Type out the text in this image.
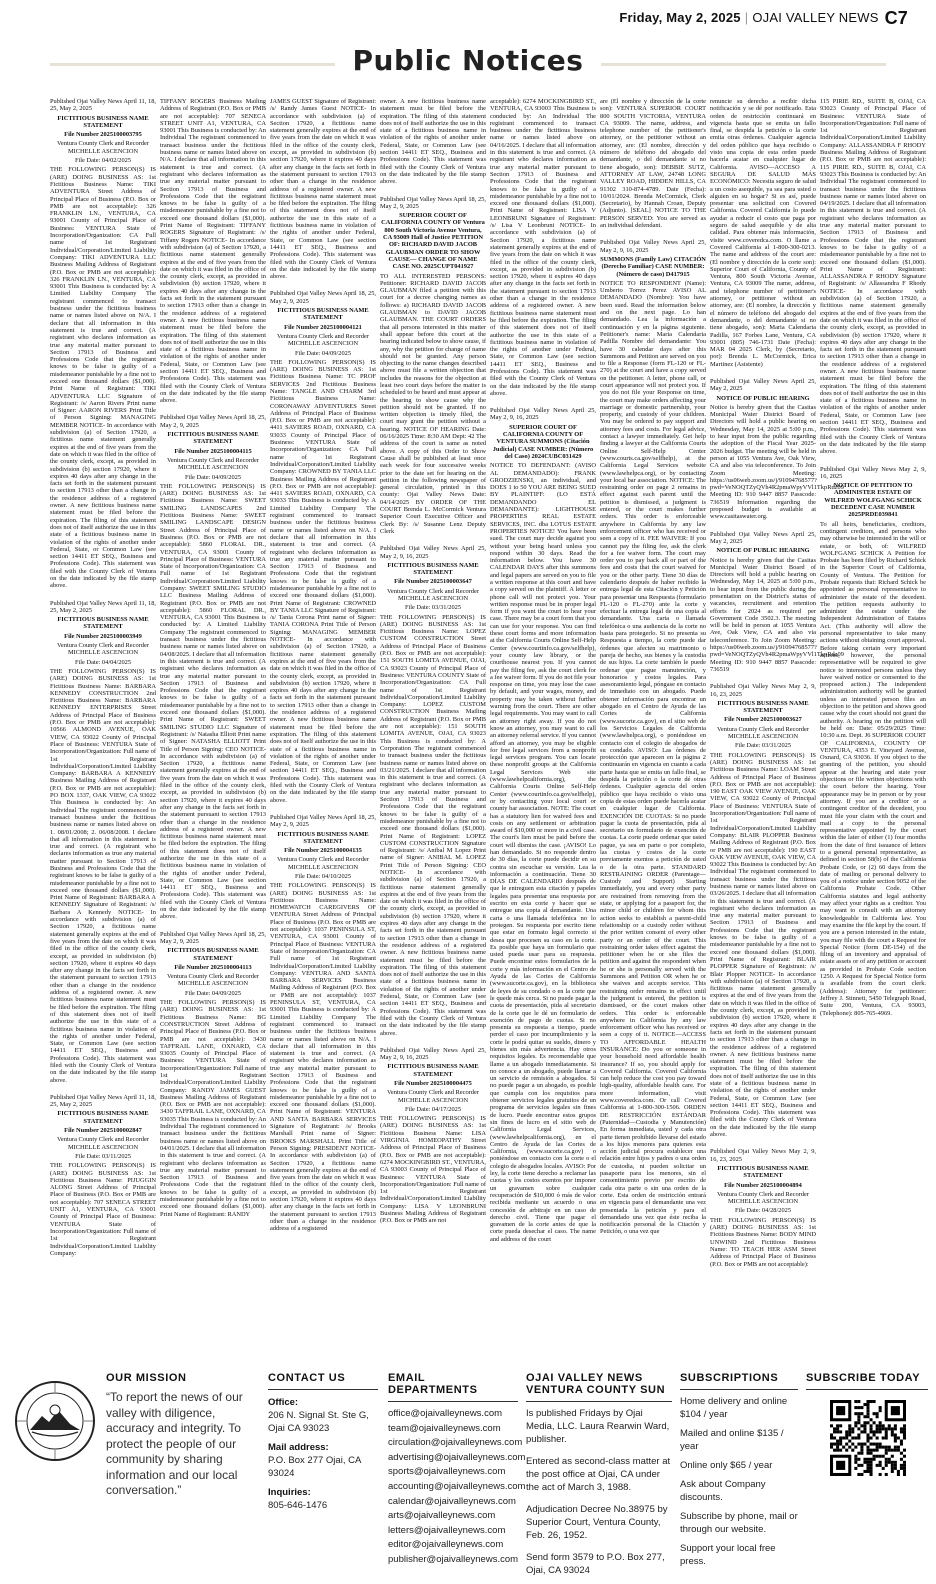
Friday, May 2, 2025 | OJAI VALLEY NEWS C7
Public Notices

Published Ojai Valley News April 11, 18, 25, May 2, 2025

FICTITIOUS BUSINESS NAME STATEMENT

File Number 2025100003795

Ventura County Clerk and Recorder MICHELLE ASCENCION

File Date: 04/02/2025

THE FOLLOWING PERSON(S) IS (ARE) DOING BUSINESS AS: 1st Fictitious Business Name: TIKI ADVENTURA Street Address of Principal Place of Business (P.O. Box or PMB are not acceptable): 326 FRANKLIN LN., VENTURA, CA 93001 County of Principal Place of Business: VENTURA State of Incorporation/Organization: CA Full name of 1st Registrant Individual/Corporation/Limited Liability Company: TIKI ADVENTURA LLC Business Mailing Address of Registrant (P.O. Box or PMB are not acceptable): 326 FRANKLIN LN., VENTURA, CA 93001 This Business is conducted by: A Limited Liability Company The registrant commenced to transact business under the fictitious business name or names listed above on N/A. I declare that all information in this statement is true and correct. (A registrant who declares information as true any material matter pursuant to Section 17913 of Business and Professions Code that the registrant knows to be false is guilty of a misdemeanor punishable by a fine not to exceed one thousand dollars ($1,000). Print Name of Registrant: TIKI ADVENTURA LLC Signature of Registrant: /s/ Aaron Rivers Print name of Signer: AARON RIVERS Print Title of Person Signing: MANAGING MEMBER NOTICE- In accordance with subdivision (a) of Section 17920, a fictitious name statement generally expires at the end of five years from the date on which it was filed in the office of the county clerk, except, as provided in subdivision (b) section 17920, where it expires 40 days after any change in the facts set forth in the statement pursuant to section 17913 other than a change in the residence address of a registered owner. A new fictitious business name statement must be filed before the expiration. The filing of this statement does not of itself authorize the use in this state of a fictitious business name in violation of the rights of another under Federal, State, or Common Law (see section 14411 ET SEQ., Business and Professions Code). This statement was filed with the County Clerk of Ventura on the date indicated by the file stamp above.

Published Ojai Valley News April 11, 18, 25, May 2, 2025

FICTITIOUS BUSINESS NAME STATEMENT

File Number 2025100003949

Ventura County Clerk and Recorder MICHELLE ASCENCION

File Date: 04/04/2025

THE FOLLOWING PERSON(S) IS (ARE) DOING BUSINESS AS: 1st Fictitious Business Name: BARBARA KENNEDY CONSTRUCTION 2nd Fictitious Business Name: BARBARA KENNEDY ENTERPRISES Street Address of Principal Place of Business (P.O. Box or PMB are not acceptable): 10566 ALMOND AVENUE, OAK VIEW, CA 93022 County of Principal Place of Business: VENTURA State of Incorporation/Organization: Full name of 1st Registrant Individual/Corporation/Limited Liability Company: BARBARA A KENNEDY Business Mailing Address of Registrant (P.O. Box or PMB are not acceptable): PO BOX 1337, OAK VIEW, CA 93022 This Business is conducted by: An Individual The registrant commenced to transact business under the fictitious business name or names listed above on 1. 08/01/2008; 2. 06/08/2008. I declare that all information in this statement is true and correct. (A registrant who declares information as true any material matter pursuant to Section 17913 of Business and Professions Code that the registrant knows to be false is guilty of a misdemeanor punishable by a fine not to exceed one thousand dollars ($1,000). Print Name of Registrant: BARBARA A KENNEDY Signature of Registrant: /s/ Barbara A Kennedy NOTICE- In accordance with subdivision (a) of Section 17920, a fictitious name statement generally expires at the end of five years from the date on which it was filed in the office of the county clerk, except, as provided in subdivision (b) section 17920, where it expires 40 days after any change in the facts set forth in the statement pursuant to section 17913 other than a change in the residence address of a registered owner. A new fictitious business name statement must be filed before the expiration. The filing of this statement does not of itself authorize the use in this state of a fictitious business name in violation of the rights of another under Federal, State, or Common Law (see section 14411 ET SEQ., Business and Professions Code). This statement was filed with the County Clerk of Ventura on the date indicated by the file stamp above.

Published Ojai Valley News April 11, 18, 25, May 2, 2025

FICTITIOUS BUSINESS NAME STATEMENT

File Number 2025100002847

Ventura County Clerk and Recorder MICHELLE ASCENCION

File Date: 03/11/2025

THE FOLLOWING PERSON(S) IS (ARE) DOING BUSINESS AS: 1st Fictitious Business Name: PIJUGGIN ALONG Street Address of Principal Place of Business (P.O. Box or PMB are not acceptable): 707 SENECA STREET UNIT A1, VENTURA, CA 93001 County of Principal Place of Business: VENTURA State of Incorporation/Organization: Full name of 1st Registrant Individual/Corporation/Limited Liability Company:

TIFFANY ROGERS Business Mailing Address of Registrant (P.O. Box or PMB are not acceptable): 707 SENECA STREET UNIT A1, VENTURA, CA 93001 This Business is conducted by: An Individual The registrant commenced to transact business under the fictitious business name or names listed above on N/A. I declare that all information in this statement is true and correct. (A registrant who declares information as true any material matter pursuant to Section 17913 of Business and Professions Code that the registrant knows to be false is guilty of a misdemeanor punishable by a fine not to exceed one thousand dollars ($1,000). Print Name of Registrant: TIFFANY ROGERS Signature of Registrant: /s/ Tiffany Rogers NOTICE- In accordance with subdivision (a) of Section 17920, a fictitious name statement generally expires at the end of five years from the date on which it was filed in the office of the county clerk, except, as provided in subdivision (b) section 17920, where it expires 40 days after any change in the facts set forth in the statement pursuant to section 17913 other than a change in the residence address of a registered owner. A new fictitious business name statement must be filed before the expiration. The filing of this statement does not of itself authorize the use in this state of a fictitious business name in violation of the rights of another under Federal, State, or Common Law (see section 14411 ET SEQ., Business and Professions Code). This statement was filed with the County Clerk of Ventura on the date indicated by the file stamp above.

Published Ojai Valley News April 18, 25, May 2, 9, 2025

FICTITIOUS BUSINESS NAME STATEMENT

File Number 2025100004115

Ventura County Clerk and Recorder MICHELLE ASCENCION

File Date: 04/09/2025

THE FOLLOWING PERSON(S) IS (ARE) DOING BUSINESS AS: 1st Fictitious Business Name: SWEET SMILING LANDSCAPES 2nd Fictitious Business Name: SWEET SMILING LANDSCAPE DESIGN Street Address of Principal Place of Business (P.O. Box or PMB are not acceptable): 5860 FLORAL DR., VENTURA, CA 93001 County of Principal Place of Business: VENTURA State of Incorporation/Organization: CA Full name of 1st Registrant Individual/Corporation/Limited Liability Company: SWEET SMILING STUDIO LLC Business Mailing Address of Registrant (P.O. Box or PMB are not acceptable): 5860 FLORAL DR., VENTURA, CA 93001 This Business is conducted by: A Limited Liability Company The registrant commenced to transact business under the fictitious business name or names listed above on 04/08/2025. I declare that all information in this statement is true and correct. (A registrant who declares information as true any material matter pursuant to Section 17913 of Business and Professions Code that the registrant knows to be false is guilty of a misdemeanor punishable by a fine not to exceed one thousand dollars ($1,000). Print Name of Registrant: SWEET SMILING STUDIO LLC Signature of Registrant: /s/ Natasha Elliott Print name of Signer: NATASHA ELLIOTT Print Title of Person Signing: CEO NOTICE- In accordance with subdivision (a) of Section 17920, a fictitious name statement generally expires at the end of five years from the date on which it was filed in the office of the county clerk, except, as provided in subdivision (b) section 17920, where it expires 40 days after any change in the facts set forth in the statement pursuant to section 17913 other than a change in the residence address of a registered owner. A new fictitious business name statement must be filed before the expiration. The filing of this statement does not of itself authorize the use in this state of a fictitious business name in violation of the rights of another under Federal, State, or Common Law (see section 14411 ET SEQ., Business and Professions Code). This statement was filed with the County Clerk of Ventura on the date indicated by the file stamp above.

Published Ojai Valley News April 18, 25, May 2, 9, 2025

FICTITIOUS BUSINESS NAME STATEMENT

File Number 2025100004113

Ventura County Clerk and Recorder MICHELLE ASCENCION

File Date: 04/09/2025

THE FOLLOWING PERSON(S) IS (ARE) DOING BUSINESS AS: 1st Fictitious Business Name: BG CONSTRUCTION Street Address of Principal Place of Business (P.O. Box or PMB are not acceptable): 3430 TAFFRAIL LANE, OXNARD, CA 93035 County of Principal Place of Business: VENTURA State of Incorporation/Organization: Full name of 1st Registrant Individual/Corporation/Limited Liability Company: RANDY JAMES GUEST Business Mailing Address of Registrant (P.O. Box or PMB are not acceptable): 3430 TAFFRAIL LANE, OXNARD, CA 93035 This Business is conducted by: An Individual The registrant commenced to transact business under the fictitious business name or names listed above on 04/01/2025. I declare that all information in this statement is true and correct. (A registrant who declares information as true any material matter pursuant to Section 17913 of Business and Professions Code that the registrant knows to be false is guilty of a misdemeanor punishable by a fine not to exceed one thousand dollars ($1,000). Print Name of Registrant: RANDY

JAMES GUEST Signature of Registrant: /s/ Randy James Guest NOTICE- In accordance with subdivision (a) of Section 17920, a fictitious name statement generally expires at the end of five years from the date on which it was filed in the office of the county clerk, except, as provided in subdivision (b) section 17920, where it expires 40 days after any change in the facts set forth in the statement pursuant to section 17913 other than a change in the residence address of a registered owner. A new fictitious business name statement must be filed before the expiration. The filing of this statement does not of itself authorize the use in this state of a fictitious business name in violation of the rights of another under Federal, State, or Common Law (see section 14411 ET SEQ., Business and Professions Code). This statement was filed with the County Clerk of Ventura on the date indicated by the file stamp above.

Published Ojai Valley News April 18, 25, May 2, 9, 2025

FICTITIOUS BUSINESS NAME STATEMENT

File Number 2025100004121

Ventura County Clerk and Recorder MICHELLE ASCENCION

File Date: 04/09/2025

THE FOLLOWING PERSON(S) IS (ARE) DOING BUSINESS AS: 1st Fictitious Business Name: TC PROF SERVICES 2nd Fictitious Business Name: TANGLE AND CHARM 3rd Fictitious Business Name: CORONAWAY ADVENTURES Street Address of Principal Place of Business (P.O. Box or PMB are not acceptable): 4411 SAVIERS ROAD, OXNARD, CA 93033 County of Principal Place of Business: VENTURA State of Incorporation/Organization: CA Full name of 1st Registrant Individual/Corporation/Limited Liability Company: CROWNED BY TANIA LLC Business Mailing Address of Registrant (P.O. Box or PMB are not acceptable): 4411 SAVIERS ROAD, OXNARD, CA 93033 This Business is conducted by: A Limited Liability Company The registrant commenced to transact business under the fictitious business name or names listed above on N/A. I declare that all information in this statement is true and correct. (A registrant who declares information as true any material matter pursuant to Section 17913 of Business and Professions Code that the registrant knows to be false is guilty of a misdemeanor punishable by a fine not to exceed one thousand dollars ($1,000). Print Name of Registrant: CROWNED BY TANIA LLC Signature of Registrant: /s/ Tania Corona Print name of Signer: TANIA CORONA Print Title of Person Signing: MANAGING MEMBER NOTICE- In accordance with subdivision (a) of Section 17920, a fictitious name statement generally expires at the end of five years from the date on which it was filed in the office of the county clerk, except, as provided in subdivision (b) section 17920, where it expires 40 days after any change in the facts set forth in the statement pursuant to section 17913 other than a change in the residence address of a registered owner. A new fictitious business name statement must be filed before the expiration. The filing of this statement does not of itself authorize the use in this state of a fictitious business name in violation of the rights of another under Federal, State, or Common Law (see section 14411 ET SEQ., Business and Professions Code). This statement was filed with the County Clerk of Ventura on the date indicated by the file stamp above.

Published Ojai Valley News April 18, 25, May 2, 9, 2025

FICTITIOUS BUSINESS NAME STATEMENT

File Number 2025100004135

Ventura County Clerk and Recorder MICHELLE ASCENCION

File Date: 04/10/2025

THE FOLLOWING PERSON(S) IS (ARE) DOING BUSINESS AS: 1st Fictitious Business Name: HOMEWATCH CAREGIVERS OF VENTURA Street Address of Principal Place of Business (P.O. Box or PMB are not acceptable): 1037 PENINSULA ST, VENTURA, CA 93001 County of Principal Place of Business: VENTURA State of Incorporation/Organization: CA Full name of 1st Registrant Individual/Corporation/Limited Liability Company: VENTURA AND SANTA BARBARA SERVICES Business Mailing Address of Registrant (P.O. Box or PMB are not acceptable): 1037 PENINSULA ST, VENTURA, CA 93001 This Business is conducted by: A Limited Liability Company The registrant commenced to transact business under the fictitious business name or names listed above on N/A. I declare that all information in this statement is true and correct. (A registrant who declares information as true any material matter pursuant to Section 17913 of Business and Professions Code that the registrant knows to be false is guilty of a misdemeanor punishable by a fine not to exceed one thousand dollars ($1,000). Print Name of Registrant: VENTURA AND SANTA BARBARA SERVICES Signature of Registrant: /s/ Brooks Marshall Print name of Signer: BROOKS MARSHALL Print Title of Person Signing: PRESIDENT NOTICE- In accordance with subdivision (a) of Section 17920, a fictitious name statement generally expires at the end of five years from the date on which it was filed in the office of the county clerk, except, as provided in subdivision (b) section 17920, where it expires 40 days after any change in the facts set forth in the statement pursuant to section 17913 other than a change in the residence address of a registered

owner. A new fictitious business name statement must be filed before the expiration. The filing of this statement does not of itself authorize the use in this state of a fictitious business name in violation of the rights of another under Federal, State, or Common Law (see section 14411 ET SEQ., Business and Professions Code). This statement was filed with the County Clerk of Ventura on the date indicated by the file stamp above.

Published Ojai Valley News April 18, 25, May 2, 9, 2025

SUPERIOR COURT OF CALIFORNIA COUNTY OF Ventura 800 South Victoria Avenue Ventura, CA 93009 Hall of Justice PETITION OF: RICHARD DAVID JACOB GLAUBMAN ORDER TO SHOW CAUSE— CHANGE OF NAME CASE NO. 2025CUPT041927

TO ALL INTERESTED PERSONS: Petitioner: RICHARD DAVID JACOB GLAUBMAN filed a petition with this court for a decree changing names as follows: a) RICHARD DAVID JACOB GLAUBMAN to DAVID JACOB GLAUBMAN. THE COURT ORDERS that all persons interested in this matter shall appear before this court at the hearing indicated below to show cause, if any, why the petition for change of name should not be granted. Any person objecting to the name changes described above must file a written objection that includes the reasons for the objection at least two court days before the matter is scheduled to be heard and must appear at the hearing to show cause why the petition should not be granted. If no written objection is timely filed, the court may grant the petition without a hearing. NOTICE OF HEARING Date: 06/16/2025 Time: 8:30 AM Dept: 42 The address of the court is same as noted above. A copy of this Order to Show Cause shall be published at least once each week for four successive weeks prior to the date set for hearing on the petition in the following newspaper of general circulation, printed in this county: Ojai Valley News Date: 04/14/2025 BY ORDER OF THE COURT Brenda L. McCormick Ventura Superior Court Executive Officer and Clerk By: /s/ Susanne Lenz Deputy Clerk

Published Ojai Valley News April 25, May 2, 9, 16, 2025

FICTITIOUS BUSINESS NAME STATEMENT

File Number 2025100003647

Ventura County Clerk and Recorder MICHELLE ASCENCION

File Date: 03/31/2025

THE FOLLOWING PERSON(S) IS (ARE) DOING BUSINESS AS: 1st Fictitious Business Name: LOPEZ CUSTOM CONSTRUCTION Street Address of Principal Place of Business (P.O. Box or PMB are not acceptable): 151 SOUTH LOMITA AVENUE, OJAI, CA 93023 County of Principal Place of Business: VENTURA COUNTY State of Incorporation/Organization: CA Full name of 1st Registrant Individual/Corporation/Limited Liability Company: LOPEZ CUSTOM CONSTRUCTION Business Mailing Address of Registrant (P.O. Box or PMB are not acceptable): 151 SOUTH LOMITA AVENUE, OJAI, CA 93023 This Business is conducted by: A Corporation The registrant commenced to transact business under the fictitious business name or names listed above on 03/21/2025. I declare that all information in this statement is true and correct. (A registrant who declares information as true any material matter pursuant to Section 17913 of Business and Professions Code that the registrant knows to be false is guilty of a misdemeanor punishable by a fine not to exceed one thousand dollars ($1,000). Print Name of Registrant: LOPEZ CUSTOM CONSTRUCTION Signature of Registrant: /s/ Anibal M Lopez Print name of Signer: ANIBAL M. LOPEZ Print Title of Person Signing: CEO NOTICE- In accordance with subdivision (a) of Section 17920, a fictitious name statement generally expires at the end of five years from the date on which it was filed in the office of the county clerk, except, as provided in subdivision (b) section 17920, where it expires 40 days after any change in the facts set forth in the statement pursuant to section 17913 other than a change in the residence address of a registered owner. A new fictitious business name statement must be filed before the expiration. The filing of this statement does not of itself authorize the use in this state of a fictitious business name in violation of the rights of another under Federal, State, or Common Law (see section 14411 ET SEQ., Business and Professions Code). This statement was filed with the County Clerk of Ventura on the date indicated by the file stamp above.

Published Ojai Valley News April 25, May 2, 9, 16, 2025

FICTITIOUS BUSINESS NAME STATEMENT

File Number 2025100004475

Ventura County Clerk and Recorder MICHELLE ASCENCION

File Date: 04/17/2025

THE FOLLOWING PERSON(S) IS (ARE) DOING BUSINESS AS: 1st Fictitious Business Name: LISA VIRGINIA HOMEOPATHY Street Address of Principal Place of Business (P.O. Box or PMB are not acceptable): 6274 MOCKINGBIRD ST., VENTURA, CA 93003 County of Principal Place of Business: VENTURA State of Incorporation/Organization: Full name of 1st Registrant Individual/Corporation/Limited Liability Company: LISA V LEONBRUNI Business Mailing Address of Registrant (P.O. Box or PMB are not

acceptable): 6274 MOCKINGBIRD ST., VENTURA, CA 93003 This Business is conducted by: An Individual The registrant commenced to transact business under the fictitious business name or names listed above on 04/16/2025. I declare that all information in this statement is true and correct. (A registrant who declares information as true any material matter pursuant to Section 17913 of Business and Professions Code that the registrant knows to be false is guilty of a misdemeanor punishable by a fine not to exceed one thousand dollars ($1,000). Print Name of Registrant: LISA V LEONBRUNI Signature of Registrant: /s/ Lisa V Leonbruni NOTICE- In accordance with subdivision (a) of Section 17920, a fictitious name statement generally expires at the end of five years from the date on which it was filed in the office of the county clerk, except, as provided in subdivision (b) section 17920, where it expires 40 days after any change in the facts set forth in the statement pursuant to section 17913 other than a change in the residence address of a registered owner. A new fictitious business name statement must be filed before the expiration. The filing of this statement does not of itself authorize the use in this state of a fictitious business name in violation of the rights of another under Federal, State, or Common Law (see section 14411 ET SEQ., Business and Professions Code). This statement was filed with the County Clerk of Ventura on the date indicated by the file stamp above.

Published Ojai Valley News April 25, May 2, 9, 16, 2025

SUPERIOR COURT OF CALIFORNIA COUNTY OF VENTURA SUMMONS (Citación Judicial) CASE NUMBER: (Número del Caso) 2024CUBC031429

NOTICE TO DEFENDANT: (AVISO AL DEMANDADO): FRANK GRODZIENSKI, an individual, and DOES 1 to 50 YOU ARE BEING SUED BY PLAINTIFF: (LO ESTÁ DEMANDANDO EL DEMANDANTE): LIGHTHOUSE PROPERTIES REAL ESTATE SERVICES, INC. dba LOTUS ESTATE PROPERTIES NOTICE! You have been sued. The court may decide against you without your being heard unless you respond within 30 days. Read the information below. You have 30 CALENDAR DAYS after this summons and legal papers are served on you to file a written response at this court and have a copy served on the plaintiff. A letter or phone call will not protect you. Your written response must be in proper legal form if you want the court to hear your case. There may be a court form that you can use for your response. You can find these court forms and more information at the California Courts Online Self-Help Center (www.courtinfo.ca.gov/selfhelp), your county law library, or the courthouse nearest you. If you cannot pay the filing fee, ask the court clerk for a fee waiver form. If you do not file your response on time, you may lose the case by default, and your wages, money, and property may be taken without further warning from the court. There are other legal requirements. You may want to call an attorney right away. If you do not know an attorney, you may want to call an attorney referral service. If you cannot afford an attorney, you may be eligible for free legal services from a nonprofit legal services program. You can locate these nonprofit groups at the California Legal Services Web site (www.lawhelpcalifornia.org), the California Courts Online Self-Help Center (www.courtinfo.ca.gov/selfhelp), or by contacting your local court or county bar association. NOTE: The court has a statutory lien for waived fees and costs on any settlement or arbitration award of $10,000 or more in a civil case. The court's lien must be paid before the court will dismiss the case. ¡AVISO! Lo han demandado. Si no responde dentro de 30 días, la corte puede decidir en su contra sin escuchar su versión. Lea la información a continuación. Tiene 30 DÍAS DE CALENDARIO después de que le entreguen esta citación y papeles legales para presentar una respuesta por escrito en esta corte y hacer que se entregue una copia al demandante. Una carta o una llamada telefónica no lo protegen. Su respuesta por escrito tiene que estar en formato legal correcto si desea que procesen su caso en la corte. Es posible que haya un formulario que usted pueda usar para su respuesta. Puede encontrar estos formularios de la corte y más información en el Centro de Ayuda de las Cortes de California (www.sucorte.ca.gov), en la biblioteca de leyes de su condado o en la corte que le quede más cerca. Si no puede pagar la cuota de presentación, pida al secretario de la corte que le dé un formulario de exención de pago de cuotas. Si no presenta su respuesta a tiempo, puede perder el caso por incumplimiento y la corte le podrá quitar su sueldo, dinero y bienes sin más advertencia. Hay otros requisitos legales. Es recomendable que llame a un abogado inmediatamente. Si no conoce a un abogado, puede llamar a un servicio de remisión a abogados. Si no puede pagar a un abogado, es posible que cumpla con los requisitos para obtener servicios legales gratuitos de un programa de servicios legales sin fines de lucro. Puede encontrar estos grupos sin fines de lucro en el sitio web de California Legal Services, (www.lawhelpcalifornia.org), en el Centro de Ayuda de las Cortes de California, (www.sucorte.ca.gov) o poniéndose en contacto con la corte o el colegio de abogados locales. AVISO: Por ley, la corte tiene derecho a reclamar las cuotas y los costos exentos por imponer un gravamen sobre cualquier recuperación de $10,000 ó más de valor recibida mediante un acuerdo o una concesión de arbitraje en un caso de derecho civil. Tiene que pagar el gravamen de la corte antes de que la corte pueda desechar el caso. The name and address of the court

are (El nombre y dirección de la corte son): VENTURA SUPERIOR COURT 800 SOUTH VICTORIA, VENTURA CA 93009. The name, address, and telephone number of the petitioner's attorney, or the petitioner without an attorney, are: (El nombre, dirección y número de teléfono del abogado del demandante, o del demandante si no tiene abogado, son): DEBBIE SUTZ, ATTORNEY AT LAW, 24748 LONG VALLEY ROAD, HIDDEN HILLS, CA 91302 310-874-4789. Date (Fecha): 10/01/2024. Brenda McCormick, Clerk (Secretario), by Hannah Croan, Deputy (Adjunto). [SEAL] NOTICE TO THE PERSON SERVED: You are served as an individual defendant.

Published Ojai Valley News April 25, May 2, 9, 16, 2025

SUMMONS (Family Law) CITACIÓN (Derecho Familiar) CASE NUMBER: (Número de caso) D417915

NOTICE TO RESPONDENT (Name): Umberto Torrez Perez AVISO AL DEMANDADO (Nombre): You have been sued. Read the information below and on the next page. Lo han demandado. Lea la información a continuación y en la página siguiente. Petitioner's name: Maria Calendaria Padilla Nombre del demandante: You have 30 calendar days after this Summons and Petition are served on you to file a Response (form FL-120 or FL-270) at the court and have a copy served on the petitioner. A letter, phone call, or court appearance will not protect you. If you do not file your Response on time, the court may make orders affecting your marriage or domestic partnership, your property, and custody of your children. You may be ordered to pay support and attorney fees and costs. For legal advice, contact a lawyer immediately. Get help finding a lawyer at the California Courts Online Self-Help Center (www.courts.ca.gov/selfhelp), at the California Legal Services website (www.lawhelpca.org), or by contacting your local bar association. NOTICE: The restraining order on page 2 remains in effect against each parent until the petition is dismissed, a judgment is entered, or the court makes further orders. This order is enforceable anywhere in California by any law enforcement officer who has received or seen a copy of it. FEE WAIVER: If you cannot pay the filing fee, ask the clerk for a fee waiver form. The court may order you to pay back all or part of the fees and costs that the court waived for you or the other party. Tiene 30 días de calendario después de haber recibido la entrega legal de esta Citación y Petición para presentar una Respuesta (formulario FL-120 o FL-270) ante la corte y efectuar la entrega legal de una copia al demandante. Una carta o llamada telefónica o una audiencia de la corte no basta para protegerlo. Si no presenta su Respuesta a tiempo, la corte puede dar órdenes que afecten su matrimonio o pareja de hecho, sus bienes y la custodia de sus hijos. La corte también le puede ordenar que pague manutención, y honorarios y costos legales. Para asesoramiento legal, póngase en contacto de inmediato con un abogado. Puede obtener información para encontrar un abogado en el Centro de Ayuda de las Cortes de California (www.sucorte.ca.gov), en el sitio web de los Servicios Legales de California (www.lawhelpca.org), o poniéndose en contacto con el colegio de abogados de su condado. AVISO: Las órdenes de protección que aparecen en la página 2 continuarán en vigencia en cuanto a cada parte hasta que se emita un fallo final, se despida la petición o la corte dé otras órdenes. Cualquier agencia del orden público que haya recibido o visto una copia de estas orden puede hacerla acatar en cualquier lugar de California. EXENCIÓN DE CUOTAS: Si no puede pagar la cuota de presentación, pida al secretario un formulario de exención de cuotas. La corte puede ordenar que usted pague, ya sea en parte o por completo, las cuotas y costos de la corte previamente exentos a petición de usted o de la otra parte. STANDARD RESTRAINING ORDER (Parentage—Custody and Support) Starting immediately, you and every other party are restrained from removing from the state, or applying for a passport for, the minor child or children for whom this action seeks to establish a parent-child relationship or a custody order without the prior written consent of every other party or an order of the court. This restraining order takes effect against the petitioner when he or she files the petition and against the respondent when he or she is personally served with the Summons and Petition OR when he or she waives and accepts service. This restraining order remains in effect until the judgment is entered, the petition is dismissed, or the court makes other orders. This order is enforceable anywhere in California by any law enforcement officer who has received or seen a copy of it. NOTICE—ACCESS TO AFFORDABLE HEALTH INSURANCE: Do you or someone in your household need affordable health insurance? If so, you should apply for Covered California. Covered California can help reduce the cost you pay toward high-quality, affordable health care. For more information, visit www.coveredca.com. Or call Covered California at 1-800-300-1506. ORDEN DE RESTRICCIÓN ESTÁNDAR (Paternidad—Custodia y Manutención) En forma inmediata, usted y cada otra parte tienen prohibido llevarse del estado a los hijos menores para quienes esta acción judicial procura establecer una relación entre hijos y padres o una orden de custodia, ni pueden solicitar un pasaporte para los menores, sin el consentimiento previo por escrito de cada otra parte o sin una orden de la corte. Esta orden de restricción entrará en vigencia para el demandante una vez presentada la petición y para el demandado una vez que éste reciba la notificación personal de la Citación y Petición, o una vez que

renuncie su derecho a recibir dicha notificación y se dé por notificado. Esta orden de restricción continuará en vigencia hasta que se emita un fallo final, se despida la petición o la corte emita otras órdenes. Cualquier agencia del orden público que haya recibido o visto una copia de esta orden puede hacerla acatar en cualquier lugar de California. AVISO—ACCESO A SEGURA DE SALUD MÁS ECONÓMICO: Necesita seguro de salud a un costo asequible, ya sea para usted o alguien en su hogar? Si es así, puede presentar una solicitud con Covered California. Covered California lo puede ayudar a reducir el costo que paga por seguro de salud asequible y de alta calidad. Para obtener más información, visite www.coveredca.com. O llame a Covered California al 1-800-300-0213. The name and address of the court are: (El nombre y dirección de la corte son): Superior Court of California, County of Ventura, 800 South Victoria Avenue, Ventura, CA 93009 The name, address, and telephone number of petitioner's attorney, or petitioner without an attorney, are: (El nombre, la dirección y el número de teléfono del abogado del demandante, o del demandante si no tiene abogado, son): Maria Calendaria Padilla, 167 Forbes Lane, Ventura, CA 93001 (805) 746-1731 Date (Fecha): MAR 04 2025 Clerk, by (Secretario, por): Brenda L. McCormick, Erica Martinez (Asistente)

Published Ojai Valley News April 25, May 2, 2025

NOTICE OF PUBLIC HEARING

Notice is hereby given that the Casitas Municipal Water District Board of Directors will hold a public hearing on Wednesday, May 14, 2025 at 5:00 p.m., to hear input from the public regarding the adoption of the Fiscal Year 2025-2026 budget. The meeting will be held in person at 1055 Ventura Ave, Oak View, CA and also via teleconference. To Join Zoom Meeting: https://us06web.zoom.us/j/91094768577?pwd=VeNOQTZyQVh4R2pmaWpyVVl1TkpRdz09 Meeting ID: 910 9447 8857 Passcode: 736519 Information regarding the proposed budget is available at www.casitaswater.org.

Published Ojai Valley News April 25, May 2, 2025

NOTICE OF PUBLIC HEARING

Notice is hereby given that the Casitas Municipal Water District Board of Directors will hold a public hearing on Wednesday, May 14, 2025 at 5:00 p.m., to hear input from the public during the presentation on the District's status of vacancies, recruitment and retention efforts for 2024 as required per Government Code 3502.3. The meeting will be held in person at 1055 Ventura Ave, Oak View, CA and also via teleconference. To Join Zoom Meeting: https://us06web.zoom.us/j/91094768577?pwd=VeNOQTZyQVh4R2pmaWpyVVl1TkpRdz09 Meeting ID: 910 9447 8857 Passcode: 736519

Published Ojai Valley News May 2, 9, 16, 23, 2025

FICTITIOUS BUSINESS NAME STATEMENT

File Number 2025100003627

Ventura County Clerk and Recorder MICHELLE ASCENCION

File Date: 03/31/2025

THE FOLLOWING PERSON(S) IS (ARE) DOING BUSINESS AS: 1st Fictitious Business Name: LOAM Street Address of Principal Place of Business (P.O. Box or PMB are not acceptable): 190 EAST OAK VIEW AVENUE, OAK VIEW, CA 93022 County of Principal Place of Business: VENTURA State of Incorporation/Organization: Full name of 1st Registrant Individual/Corporation/Limited Liability Company: BLAIR PLOPPER Business Mailing Address of Registrant (P.O. Box or PMB are not acceptable): 190 EAST OAK VIEW AVENUE, OAK VIEW, CA 93022 This Business is conducted by: An Individual The registrant commenced to transact business under the fictitious business name or names listed above on 03/26/2025. I declare that all information in this statement is true and correct. (A registrant who declares information as true any material matter pursuant to Section 17913 of Business and Professions Code that the registrant knows to be false is guilty of a misdemeanor punishable by a fine not to exceed one thousand dollars ($1,000). Print Name of Registrant: BLAIR PLOPPER Signature of Registrant: /s/ Blair Plopper NOTICE- In accordance with subdivision (a) of Section 17920, a fictitious name statement generally expires at the end of five years from the date on which it was filed in the office of the county clerk, except, as provided in subdivision (b) section 17920, where it expires 40 days after any change in the facts set forth in the statement pursuant to section 17913 other than a change in the residence address of a registered owner. A new fictitious business name statement must be filed before the expiration. The filing of this statement does not of itself authorize the use in this state of a fictitious business name in violation of the rights of another under Federal, State, or Common Law (see section 14411 ET SEQ., Business and Professions Code). This statement was filed with the County Clerk of Ventura on the date indicated by the file stamp above.

Published Ojai Valley News May 2, 9, 16, 23, 2025

FICTITIOUS BUSINESS NAME STATEMENT

File Number 2025100004894

Ventura County Clerk and Recorder MICHELLE ASCENCION

File Date: 04/28/2025

THE FOLLOWING PERSON(S) IS (ARE) DOING BUSINESS AS: 1st Fictitious Business Name: BODY MIND UNWIND 2nd Fictitious Business Name: TO TEACH HER ASM Street Address of Principal Place of Business (P.O. Box or PMB are not acceptable):

115 PIRIE RD., SUITE B, OJAI, CA 93023 County of Principal Place of Business: VENTURA State of Incorporation/Organization: Full name of 1st Registrant Individual/Corporation/Limited Liability Company: ALLASSANDRA F RHODY Business Mailing Address of Registrant (P.O. Box or PMB are not acceptable): 115 PIRIE RD., SUITE B, OJAI, CA 93023 This Business is conducted by: An Individual The registrant commenced to transact business under the fictitious business name or names listed above on 04/19/2025. I declare that all information in this statement is true and correct. (A registrant who declares information as true any material matter pursuant to Section 17913 of Business and Professions Code that the registrant knows to be false is guilty of a misdemeanor punishable by a fine not to exceed one thousand dollars ($1,000). Print Name of Registrant: ALLASSANDRA F RHODY Signature of Registrant: /s/ Allassandra F Rhody NOTICE- In accordance with subdivision (a) of Section 17920, a fictitious name statement generally expires at the end of five years from the date on which it was filed in the office of the county clerk, except, as provided in subdivision (b) section 17920, where it expires 40 days after any change in the facts set forth in the statement pursuant to section 17913 other than a change in the residence address of a registered owner. A new fictitious business name statement must be filed before the expiration. The filing of this statement does not of itself authorize the use in this state of a fictitious business name in violation of the rights of another under Federal, State, or Common Law (see section 14411 ET SEQ., Business and Professions Code). This statement was filed with the County Clerk of Ventura on the date indicated by the file stamp above.

Published Ojai Valley News May 2, 9, 16, 2025

NOTICE OF PETITION TO ADMINISTER ESTATE OF WILFRED WOLFGANG SCHICK DECEDENT CASE NUMBER 2025PRDE039841

To all heirs, beneficiaries, creditors, contingent creditors, and persons who may otherwise be interested in the will or estate, or both, of: WILFRED WOLFGANG SCHICK A Petition for Probate has been filed by Richard Schick in the Superior Court of California, County of Ventura. The Petition for Probate requests that: Richard Schick be appointed as personal representative to administer the estate of the decedent. The petition requests authority to administer the estate under the Independent Administration of Estates Act. (This authority will allow the personal representative to take many actions without obtaining court approval. Before taking certain very important actions, however, the personal representative will be required to give notice to interested persons unless they have waived notice or consented to the proposed action.) The independent administration authority will be granted unless an interested person files an objection to the petition and shows good cause why the court should not grant the authority. A hearing on the petition will be held on: Date: 05/29/2025 Time: 10:30 a.m. Dept. J6 SUPERIOR COURT OF CALIFORNIA, COUNTY OF VENTURA, 4353 E. Vineyard Avenue, Oxnard, CA 93036. If you object to the granting of the petition, you should appear at the hearing and state your objections or file written objections with the court before the hearing. Your appearance may be in person or by your attorney. If you are a creditor or a contingent creditor of the decedent, you must file your claim with the court and mail a copy to the personal representative appointed by the court within the later of either (1) four months from the date of first issuance of letters to a general personal representative, as defined in section 58(b) of the California Probate Code, or (2) 60 days from the date of mailing or personal delivery to you of a notice under section 9052 of the California Probate Code. Other California statutes and legal authority may affect your rights as a creditor. You may want to consult with an attorney knowledgeable in California law. You may examine the file kept by the court. If you are a person interested in the estate, you may file with the court a Request for Special Notice (form DE-154) of the filing of an inventory and appraisal of estate assets or of any petition or account as provided in Probate Code section 1250. A Request for Special Notice form is available from the court clerk. (Address): Attorney for petitioner: Jeffrey J. Stinnett, 5450 Telegraph Road, Suite 200, Ventura, CA 93003, (Telephone): 805-765-4969.

OUR MISSION
“To report the news of our valley with diligence, accuracy and integrity. To protect the people of our community by sharing information and our local conversation.”
CONTACT US

Office:

206 N. Signal St. Ste G,

Ojai CA 93023

Mail address:

P.O. Box 277 Ojai, CA

93024

Inquiries:

805-646-1476

EMAIL DEPARTMENTS

office@ojaivalleynews.com

team@ojaivalleynews.com

circulation@ojaivalleynews.com

advertising@ojaivalleynews.com

sports@ojaivalleynews.com

accounting@ojaivalleynews.com

calendar@ojaivalleynews.com

arts@ojaivalleynews.com

letters@ojaivalleynews.com

editor@ojaivalleynews.com

publisher@ojaivalleynews.com

OJAI VALLEY NEWS VENTURA COUNTY SUN

Is published Fridays by Ojai Media, LLC. Laura Rearwin Ward, publisher.

Entered as second-class matter at the post office at Ojai, CA under the act of March 3, 1988.

Adjudication Decree No.38975 by Superior Court, Ventura County, Feb. 26, 1952.

Send form 3579 to P.O. Box 277, Ojai, CA 93024

SUBSCRIPTIONS

Home delivery and online $104 / year

Mailed and online $135 / year

Online only $65 / year

Ask about Company discounts.

Subscribe by phone, mail or through our website.

Support your local free press.

SUBSCRIBE TODAY
